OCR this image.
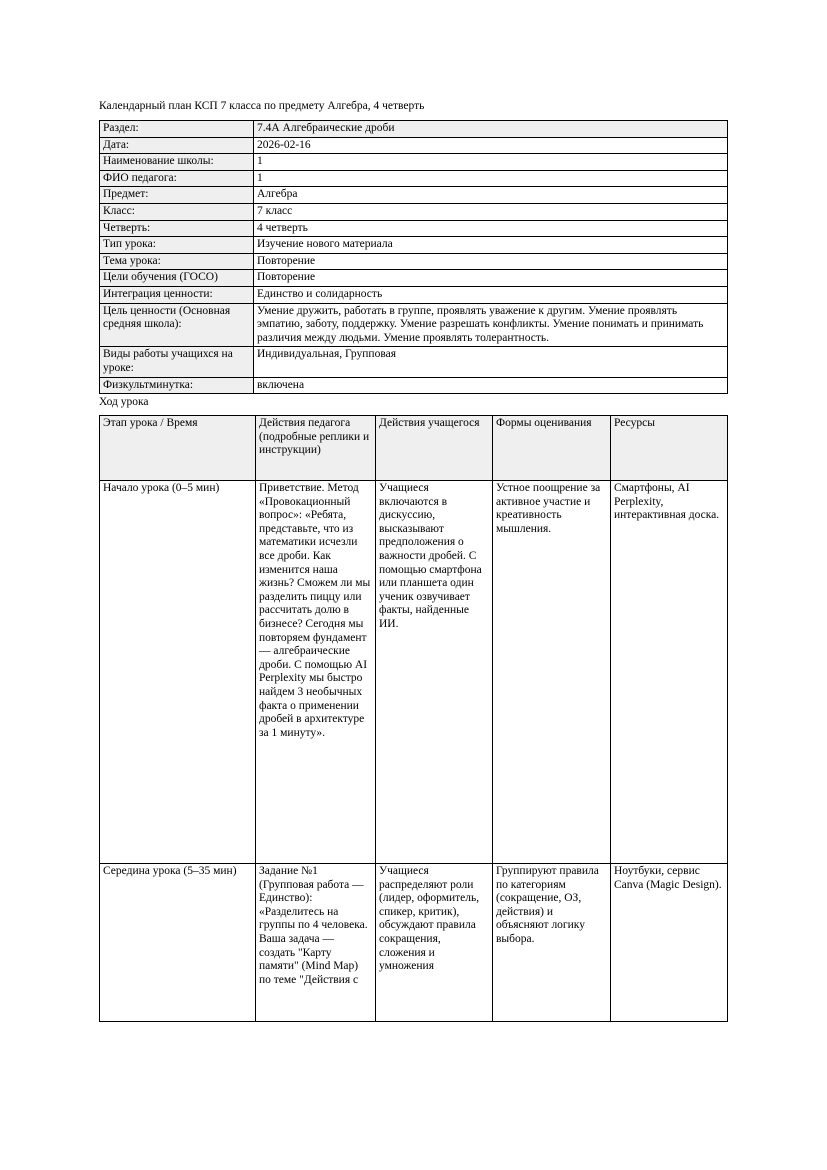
Календарный план КСП 7 класса по предмету Алгебра, 4 четверть

Раздел:	7.4А Алгебраические дроби
Дата:	2026-02-16
Наименование школы:	1
ФИО педагога:	1
Предмет:	Алгебра
Класс:	7 класс
Четверть:	4 четверть
Тип урока:	Изучение нового материала
Тема урока:	Повторение
Цели обучения (ГОСО)	Повторение
Интеграция ценности:	Единство и солидарность
Цель ценности (Основная средняя школа):	Умение дружить, работать в группе, проявлять уважение к другим. Умение проявлять эмпатию, заботу, поддержку. Умение разрешать конфликты. Умение понимать и принимать различия между людьми. Умение проявлять толерантность.
Виды работы учащихся на уроке:	Индивидуальная, Групповая
Физкультминутка:	включена

Ход урока

Этап урока / Время	Действия педагога (подробные реплики и инструкции)	Действия учащегося	Формы оценивания	Ресурсы
Начало урока (0–5 мин)	Приветствие. Метод «Провокационный вопрос»: «Ребята, представьте, что из математики исчезли все дроби. Как изменится наша жизнь? Сможем ли мы разделить пиццу или рассчитать долю в бизнесе? Сегодня мы повторяем фундамент — алгебраические дроби. С помощью AI Perplexity мы быстро найдем 3 необычных факта о применении дробей в архитектуре за 1 минуту».	Учащиеся включаются в дискуссию, высказывают предположения о важности дробей. С помощью смартфона или планшета один ученик озвучивает факты, найденные ИИ.	Устное поощрение за активное участие и креативность мышления.	Смартфоны, AI Perplexity, интерактивная доска.
Середина урока (5–35 мин)	Задание №1 (Групповая работа — Единство): «Разделитесь на группы по 4 человека. Ваша задача — создать "Карту памяти" (Mind Map) по теме "Действия с	Учащиеся распределяют роли (лидер, оформитель, спикер, критик), обсуждают правила сокращения, сложения и умножения	Группируют правила по категориям (сокращение, ОЗ, действия) и объясняют логику выбора.	Ноутбуки, сервис Canva (Magic Design).
